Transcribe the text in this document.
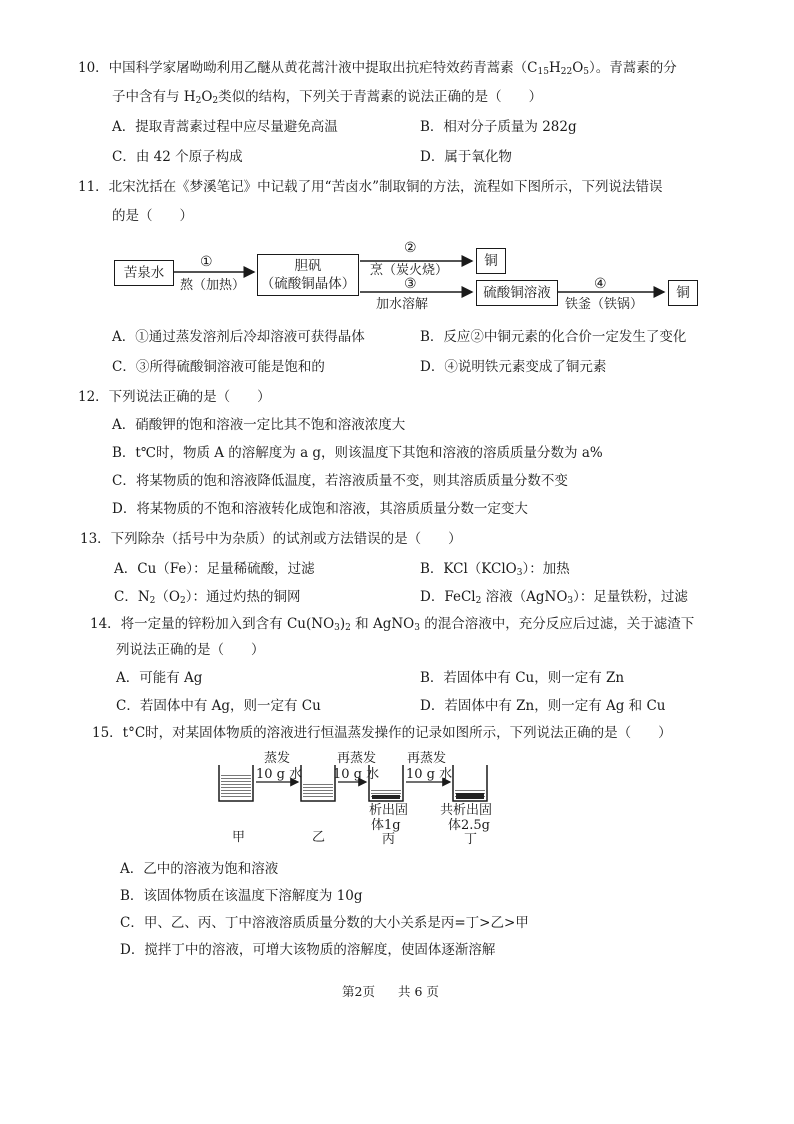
10．中国科学家屠呦呦利用乙醚从黄花蒿汁液中提取出抗疟特效药青蒿素$(C_{15}H_{22}O_5)$。青蒿素的分
子中含有与 $H_2O_2$类似的结构，下列关于青蒿素的说法正确的是（　　）
A．提取青蒿素过程中应尽量避免高温	B．相对分子质量为 282g
C．由 42 个原子构成	D．属于氧化物
11．北宋沈括在《梦溪笔记》中记载了用“苦卤水”制取铜的方法，流程如下图所示，下列说法错误
的是（　　）
苦泉水
①
熬（加热）
胆矾
（硫酸铜晶体）
②
烹（炭火烧）
③
加水溶解
铜
硫酸铜溶液
④
铁釜（铁锅）
铜
A．①通过蒸发溶剂后冷却溶液可获得晶体	B．反应②中铜元素的化合价一定发生了变化
C．③所得硫酸铜溶液可能是饱和的	D．④说明铁元素变成了铜元素
12．下列说法正确的是（　　）
A．硝酸钾的饱和溶液一定比其不饱和溶液浓度大
B．t℃时，物质 A 的溶解度为 a g，则该温度下其饱和溶液的溶质质量分数为 a%
C．将某物质的饱和溶液降低温度，若溶液质量不变，则其溶质质量分数不变
D．将某物质的不饱和溶液转化成饱和溶液，其溶质质量分数一定变大
13．下列除杂（括号中为杂质）的试剂或方法错误的是（　　）
A．Cu（Fe）：足量稀硫酸，过滤	B．KCl（KClO$_3$）：加热
C．$N_2(O_2)$：通过灼热的铜网	D．FeCl$_2$ 溶液（AgNO$_3$）：足量铁粉，过滤
14．将一定量的锌粉加入到含有 $Cu(NO_3)_2$ 和 AgNO$_3$ 的混合溶液中，充分反应后过滤，关于滤渣下
列说法正确的是（　　）
A．可能有 Ag	B．若固体中有 Cu，则一定有 Zn
C．若固体中有 Ag，则一定有 Cu	D．若固体中有 Zn，则一定有 Ag 和 Cu
15．t°C时，对某固体物质的溶液进行恒温蒸发操作的记录如图所示，下列说法正确的是（　　）
蒸发
10 g 水
再蒸发
10 g 水
再蒸发
10 g 水
析出固
体1g
共析出固
体2.5g
甲	乙	丙	丁
A．乙中的溶液为饱和溶液
B．该固体物质在该温度下溶解度为 10g
C．甲、乙、丙、丁中溶液溶质质量分数的大小关系是丙=丁>乙>甲
D．搅拌丁中的溶液，可增大该物质的溶解度，使固体逐渐溶解
第2页 共 6 页
